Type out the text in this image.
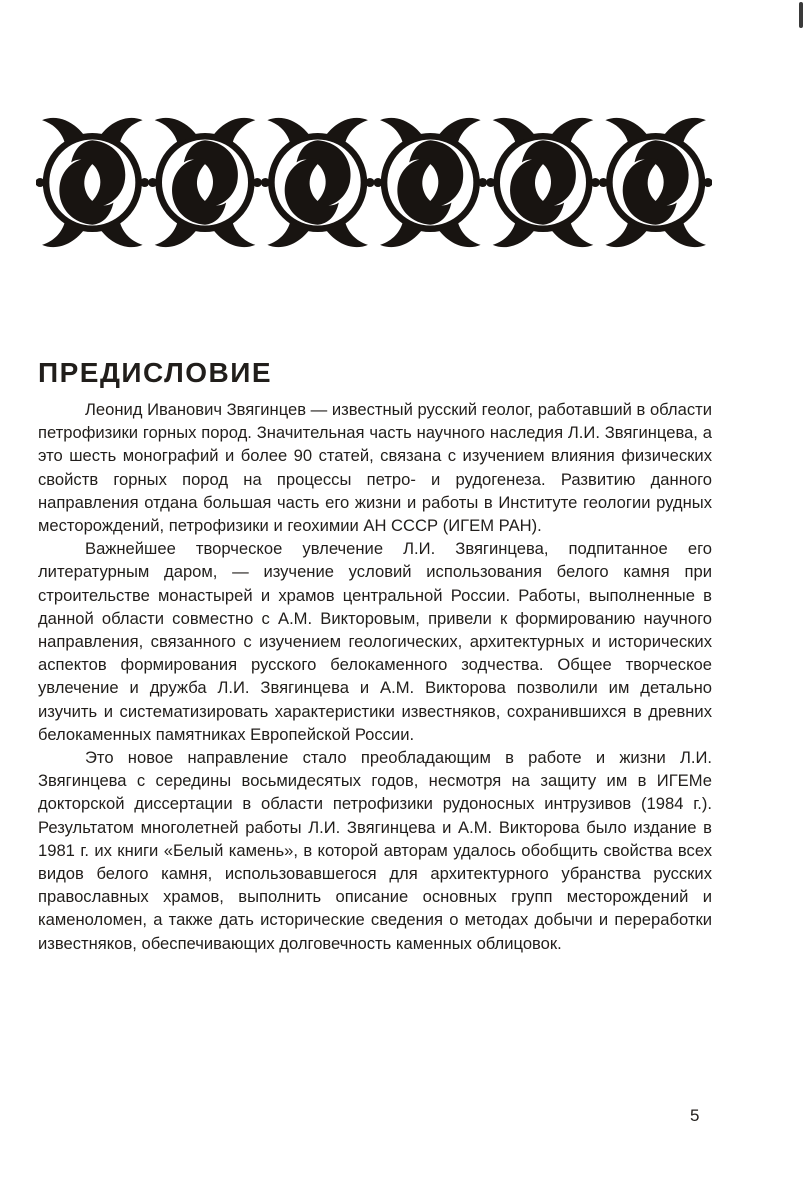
ПРЕДИСЛОВИЕ

Леонид Иванович Звягинцев — известный русский геолог, работавший в области петрофизики горных пород. Значительная часть научного наследия Л.И. Звягинцева, а это шесть монографий и более 90 статей, связана с изучением влияния физических свойств горных пород на процессы петро- и рудогенеза. Развитию данного направления отдана большая часть его жизни и работы в Институте геологии рудных месторождений, петрофизики и геохимии АН СССР (ИГЕМ РАН).

Важнейшее творческое увлечение Л.И. Звягинцева, подпитанное его литературным даром, — изучение условий использования белого камня при строительстве монастырей и храмов центральной России. Работы, выполненные в данной области совместно с А.М. Викторовым, привели к формированию научного направления, связанного с изучением геологических, архитектурных и исторических аспектов формирования русского белокаменного зодчества. Общее творческое увлечение и дружба Л.И. Звягинцева и А.М. Викторова позволили им детально изучить и систематизировать характеристики известняков, сохранившихся в древних белокаменных памятниках Европейской России.

Это новое направление стало преобладающим в работе и жизни Л.И. Звягинцева с середины восьмидесятых годов, несмотря на защиту им в ИГЕМе докторской диссертации в области петрофизики рудоносных интрузивов (1984 г.). Результатом многолетней работы Л.И. Звягинцева и А.М. Викторова было издание в 1981 г. их книги «Белый камень», в которой авторам удалось обобщить свойства всех видов белого камня, использовавшегося для архитектурного убранства русских православных храмов, выполнить описание основных групп месторождений и каменоломен, а также дать исторические сведения о методах добычи и переработки известняков, обеспечивающих долговечность каменных облицовок.

5
